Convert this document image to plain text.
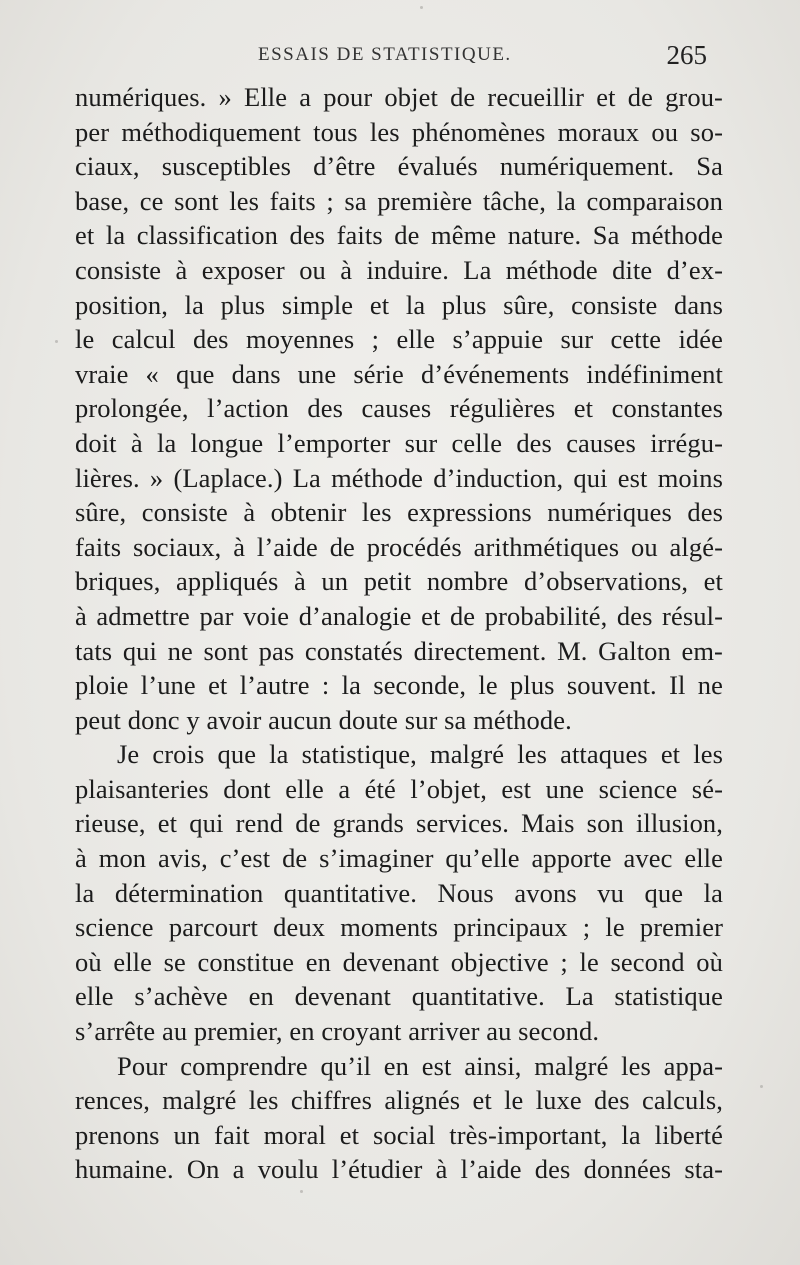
ESSAIS DE STATISTIQUE.	265
numériques. » Elle a pour objet de recueillir et de grou-
per méthodiquement tous les phénomènes moraux ou so-
ciaux, susceptibles d’être évalués numériquement. Sa
base, ce sont les faits ; sa première tâche, la comparaison
et la classification des faits de même nature. Sa méthode
consiste à exposer ou à induire. La méthode dite d’ex-
position, la plus simple et la plus sûre, consiste dans
le calcul des moyennes ; elle s’appuie sur cette idée
vraie « que dans une série d’événements indéfiniment
prolongée, l’action des causes régulières et constantes
doit à la longue l’emporter sur celle des causes irrégu-
lières. » (Laplace.) La méthode d’induction, qui est moins
sûre, consiste à obtenir les expressions numériques des
faits sociaux, à l’aide de procédés arithmétiques ou algé-
briques, appliqués à un petit nombre d’observations, et
à admettre par voie d’analogie et de probabilité, des résul-
tats qui ne sont pas constatés directement. M. Galton em-
ploie l’une et l’autre : la seconde, le plus souvent. Il ne
peut donc y avoir aucun doute sur sa méthode.
Je crois que la statistique, malgré les attaques et les
plaisanteries dont elle a été l’objet, est une science sé-
rieuse, et qui rend de grands services. Mais son illusion,
à mon avis, c’est de s’imaginer qu’elle apporte avec elle
la détermination quantitative. Nous avons vu que la
science parcourt deux moments principaux ; le premier
où elle se constitue en devenant objective ; le second où
elle s’achève en devenant quantitative. La statistique
s’arrête au premier, en croyant arriver au second.
Pour comprendre qu’il en est ainsi, malgré les appa-
rences, malgré les chiffres alignés et le luxe des calculs,
prenons un fait moral et social très-important, la liberté
humaine. On a voulu l’étudier à l’aide des données sta-
